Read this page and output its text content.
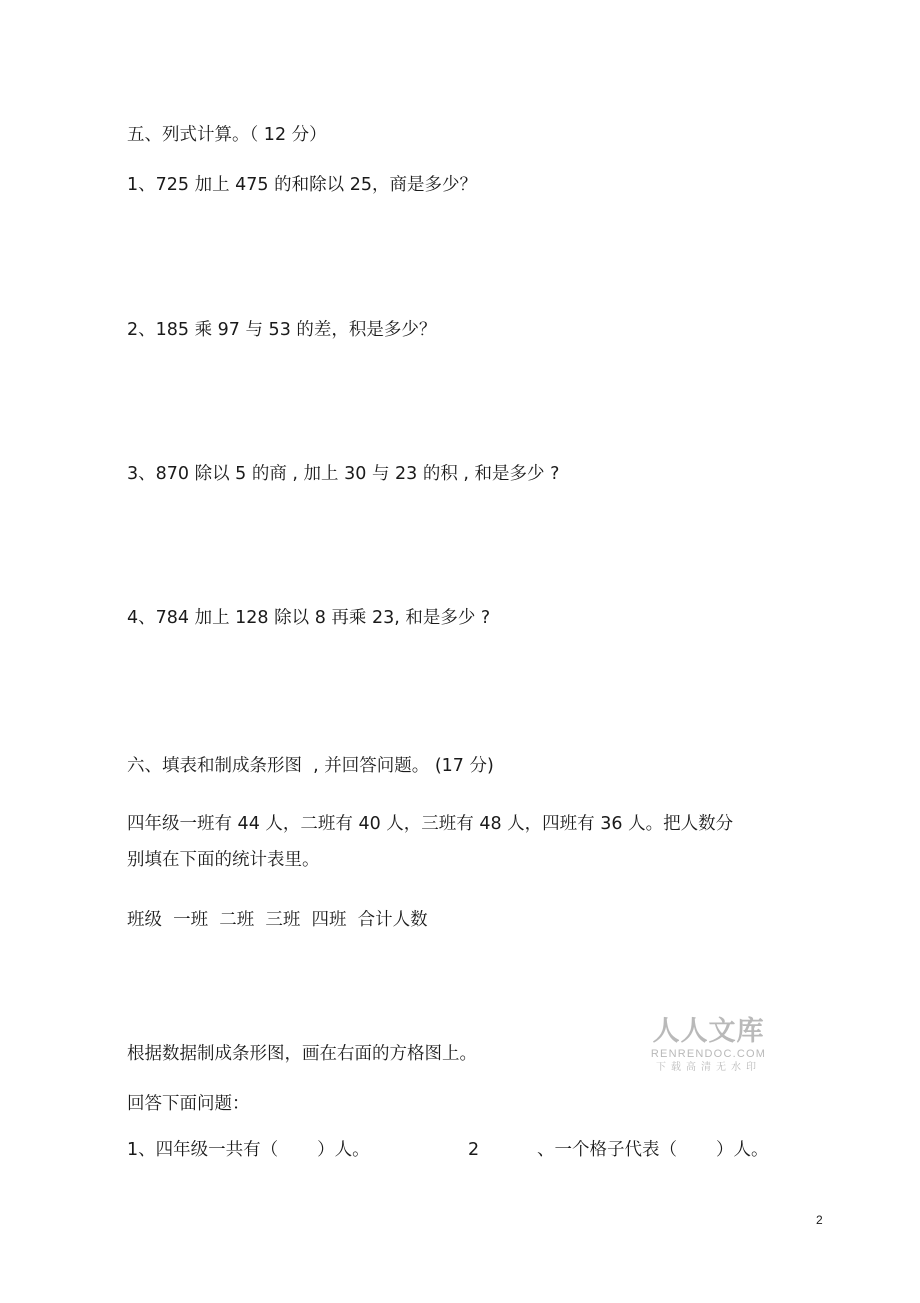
五、列式计算。（ 12 分）
1、725 加上 475 的和除以 25，商是多少？
2、185 乘 97 与 53 的差，积是多少？
3、870 除以 5 的商 , 加上 30 与 23 的积 , 和是多少 ?
4、784 加上 128 除以 8 再乘 23, 和是多少 ?
六、填表和制成条形图  , 并回答问题。 (17 分)
四年级一班有 44 人，二班有 40 人，三班有 48 人，四班有 36 人。把人数分
别填在下面的统计表里。
班级  一班  二班  三班  四班  合计人数
根据数据制成条形图，画在右面的方格图上。
回答下面问题：
1、四年级一共有（       ）人。	2	、一个格子代表（       ）人。
人人文库
RENRENDOC.COM
下载高清无水印
2
